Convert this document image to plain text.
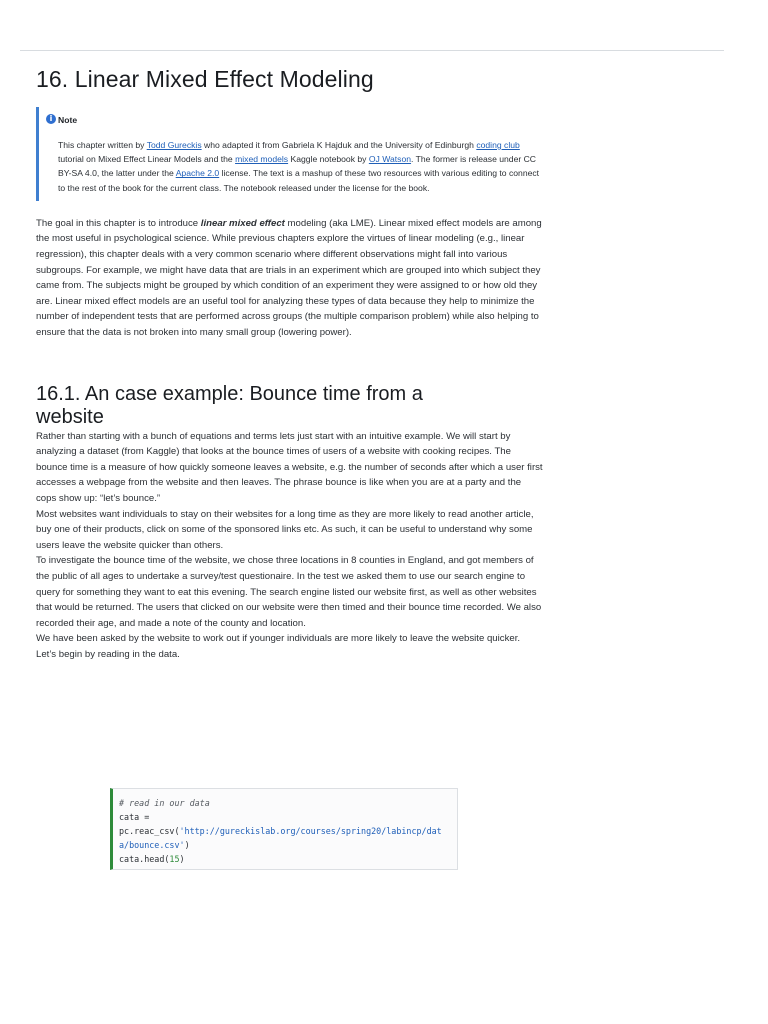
16. Linear Mixed Effect Modeling
i Note

This chapter written by Todd Gureckis who adapted it from Gabriela K Hajduk and the University of Edinburgh coding club tutorial on Mixed Effect Linear Models and the mixed models Kaggle notebook by OJ Watson. The former is release under CC BY-SA 4.0, the latter under the Apache 2.0 license. The text is a mashup of these two resources with various editing to connect to the rest of the book for the current class. The notebook released under the license for the book.

The goal in this chapter is to introduce linear mixed effect modeling (aka LME). Linear mixed effect models are among the most useful in psychological science. While previous chapters explore the virtues of linear modeling (e.g., linear regression), this chapter deals with a very common scenario where different observations might fall into various subgroups. For example, we might have data that are trials in an experiment which are grouped into which subject they came from. The subjects might be grouped by which condition of an experiment they were assigned to or how old they are. Linear mixed effect models are an useful tool for analyzing these types of data because they help to minimize the number of independent tests that are performed across groups (the multiple comparison problem) while also helping to ensure that the data is not broken into many small group (lowering power).

16.1. An case example: Bounce time from a website

Rather than starting with a bunch of equations and terms lets just start with an intuitive example. We will start by analyzing a dataset (from Kaggle) that looks at the bounce times of users of a website with cooking recipes. The bounce time is a measure of how quickly someone leaves a website, e.g. the number of seconds after which a user first accesses a webpage from the website and then leaves. The phrase bounce is like when you are at a party and the cops show up: “let’s bounce.”

Most websites want individuals to stay on their websites for a long time as they are more likely to read another article, buy one of their products, click on some of the sponsored links etc. As such, it can be useful to understand why some users leave the website quicker than others.

To investigate the bounce time of the website, we chose three locations in 8 counties in England, and got members of the public of all ages to undertake a survey/test questionaire. In the test we asked them to use our search engine to query for something they want to eat this evening. The search engine listed our website first, as well as other websites that would be returned. The users that clicked on our website were then timed and their bounce time recorded. We also recorded their age, and made a note of the county and location.

We have been asked by the website to work out if younger individuals are more likely to leave the website quicker.

Let’s begin by reading in the data.

# read in our data
cata =
pc.reac_csv('http://gureckislab.org/courses/spring20/labincp/dat
a/bounce.csv')
cata.head(15)
